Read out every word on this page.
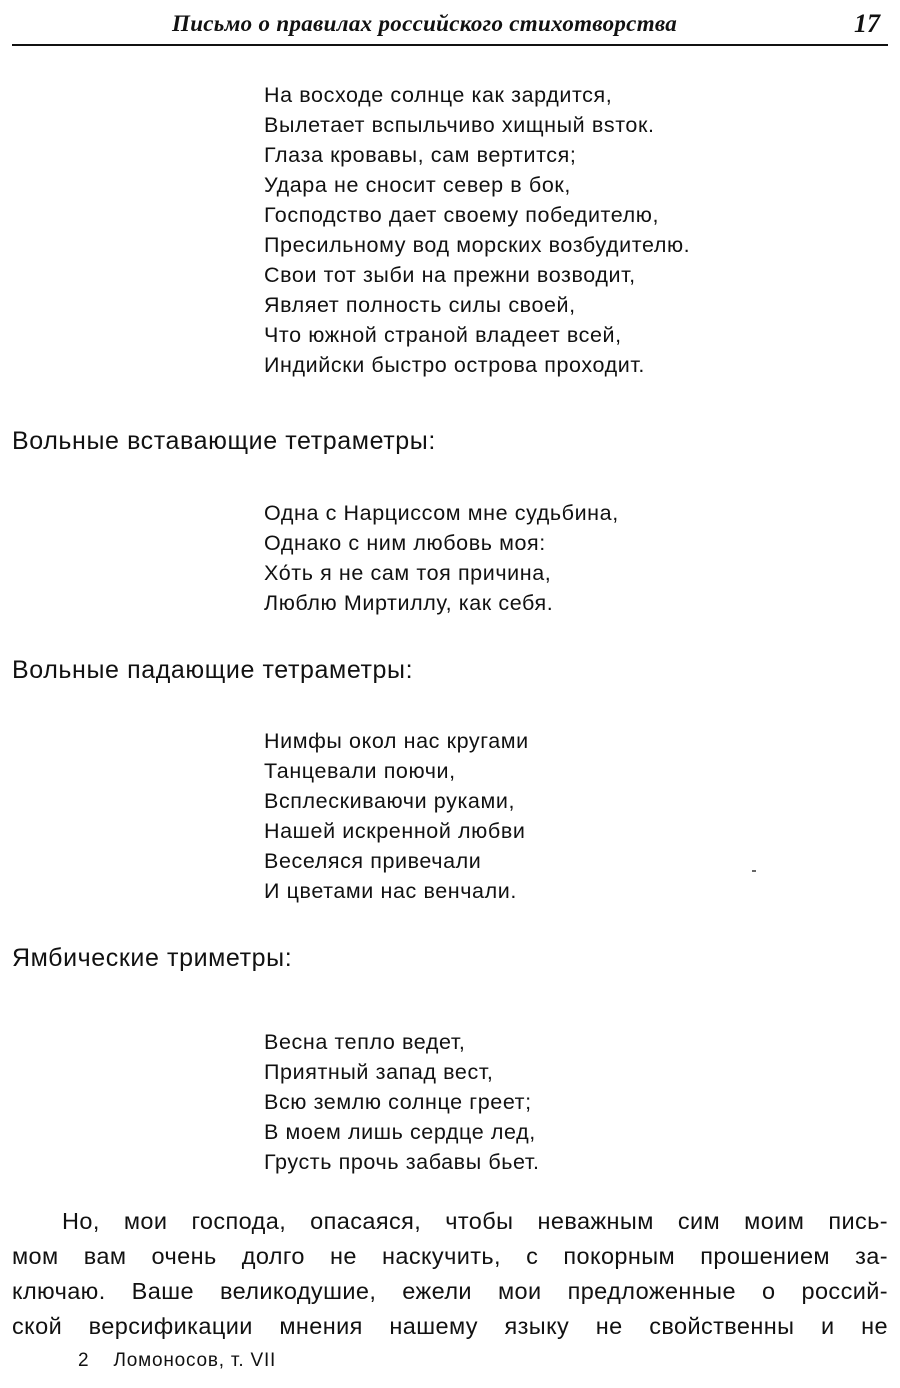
Письмо о правилах российского стихотворства	17
На восходе солнце как зардится,
Вылетает вспыльчиво хищный вsток.
Глаза кровавы, сам вертится;
Удара не сносит север в бок,
Господство дает своему победителю,
Пресильному вод морских возбудителю.
Свои тот зыби на прежни возводит,
Являет полность силы своей,
Что южной страной владеет всей,
Индийски быстро острова проходит.
Вольные вставающие тетраметры:
Одна с Нарциссом мне судьбина,
Однако с ним любовь моя:
Хо́ть я не сам тоя причина,
Люблю Миртиллу, как себя.
Вольные падающие тетраметры:
Нимфы окол нас кругами
Танцевали поючи,
Всплескиваючи руками,
Нашей искренной любви
Веселяся привечали
И цветами нас венчали.
Ямбические триметры:
Весна тепло ведет,
Приятный зaпад вест,
Всю землю солнце греет;
В моем лишь сердце лед,
Грусть прочь забавы бьет.
Но, мои господа, опасаяся, чтобы неважным сим моим пись-
мом вам очень долго не наскучить, с покорным прошением за-
ключаю. Ваше великодушие, ежели мои предложенные о россий-
ской версификации мнения нашему языку не свойственны и не
2 Ломоносов, т. VII
